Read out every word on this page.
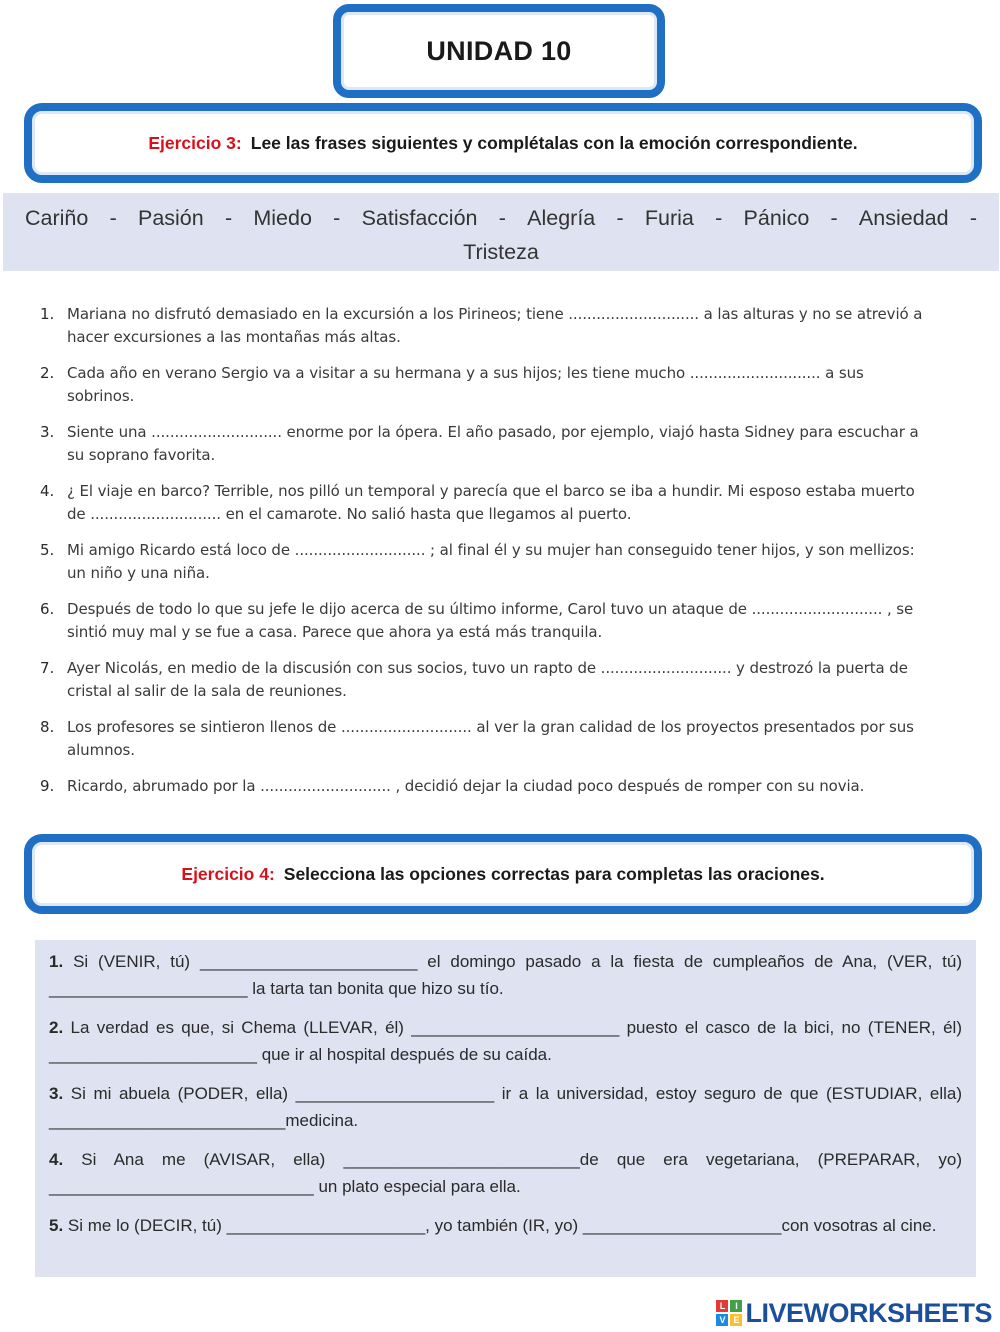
UNIDAD 10
Ejercicio 3: Lee las frases siguientes y complétalas con la emoción correspondiente.
Cariño - Pasión - Miedo - Satisfacción - Alegría - Furia - Pánico - Ansiedad -
Tristeza
1. Mariana no disfrutó demasiado en la excursión a los Pirineos; tiene ............................ a las alturas y no se atrevió a hacer excursiones a las montañas más altas.
2. Cada año en verano Sergio va a visitar a su hermana y a sus hijos; les tiene mucho ............................ a sus sobrinos.
3. Siente una ............................ enorme por la ópera. El año pasado, por ejemplo, viajó hasta Sidney para escuchar a su soprano favorita.
4. ¿ El viaje en barco? Terrible, nos pilló un temporal y parecía que el barco se iba a hundir. Mi esposo estaba muerto de ............................ en el camarote. No salió hasta que llegamos al puerto.
5. Mi amigo Ricardo está loco de ............................ ; al final él y su mujer han conseguido tener hijos, y son mellizos: un niño y una niña.
6. Después de todo lo que su jefe le dijo acerca de su último informe, Carol tuvo un ataque de ............................ , se sintió muy mal y se fue a casa. Parece que ahora ya está más tranquila.
7. Ayer Nicolás, en medio de la discusión con sus socios, tuvo un rapto de ............................ y destrozó la puerta de cristal al salir de la sala de reuniones.
8. Los profesores se sintieron llenos de ............................ al ver la gran calidad de los proyectos presentados por sus alumnos.
9. Ricardo, abrumado por la ............................ , decidió dejar la ciudad poco después de romper con su novia.
Ejercicio 4: Selecciona las opciones correctas para completas las oraciones.

1. Si (VENIR, tú) _______________________ el domingo pasado a la fiesta de cumpleaños de Ana, (VER, tú) _____________________ la tarta tan bonita que hizo su tío.

2. La verdad es que, si Chema (LLEVAR, él) ______________________ puesto el casco de la bici, no (TENER, él) ______________________ que ir al hospital después de su caída.

3. Si mi abuela (PODER, ella) _____________________ ir a la universidad, estoy seguro de que (ESTUDIAR, ella) _________________________medicina.

4. Si Ana me (AVISAR, ella) _________________________de que era vegetariana, (PREPARAR, yo) ____________________________ un plato especial para ella.

5. Si me lo (DECIR, tú) _____________________, yo también (IR, yo) _____________________con vosotras al cine.

L	I
V E LIVEWORKSHEETS
